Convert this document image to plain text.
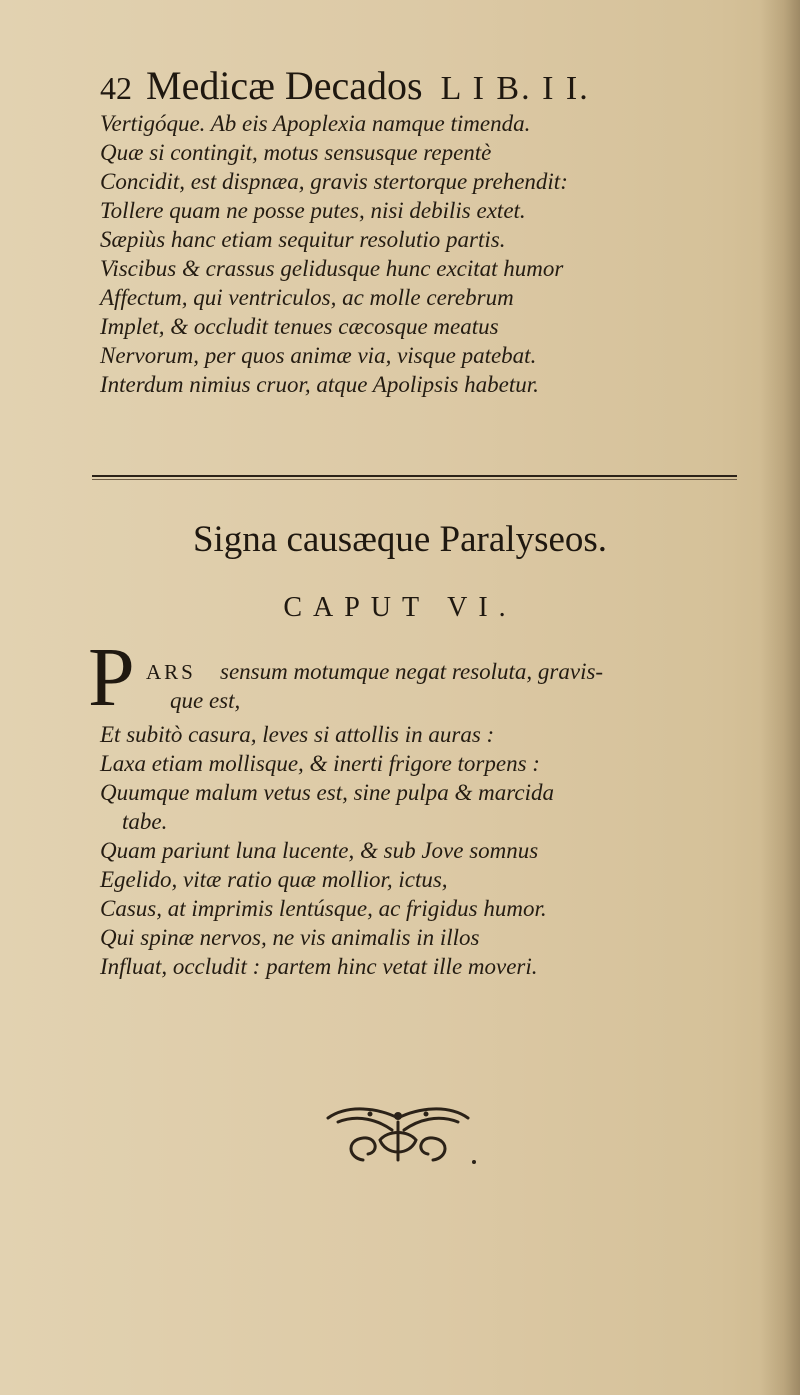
42 Medicæ Decados L I B. I I.
Vertigóque. Ab eis Apoplexia namque timenda.
Quæ si contingit, motus sensusque repentè
Concidit, est dispnæa, gravis stertorque prehendit:
Tollere quam ne posse putes, nisi debilis extet.
Sæpiùs hanc etiam sequitur resolutio partis.
Viscibus & crassus gelidusque hunc excitat humor
Affectum, qui ventriculos, ac molle cerebrum
Implet, & occludit tenues cæcosque meatus
Nervorum, per quos animæ via, visque patebat.
Interdum nimius cruor, atque Apolipsis habetur.
Signa causæque Paralyseos.
CAPUT VI.
P ARS sensum motumque negat resoluta, gravis-
que est,
Et subitò casura, leves si attollis in auras :
Laxa etiam mollisque, & inerti frigore torpens :
Quumque malum vetus est, sine pulpa & marcida
tabe.
Quam pariunt luna lucente, & sub Jove somnus
Egelido, vitæ ratio quæ mollior, ictus,
Casus, at imprimis lentúsque, ac frigidus humor.
Qui spinæ nervos, ne vis animalis in illos
Influat, occludit : partem hinc vetat ille moveri.
